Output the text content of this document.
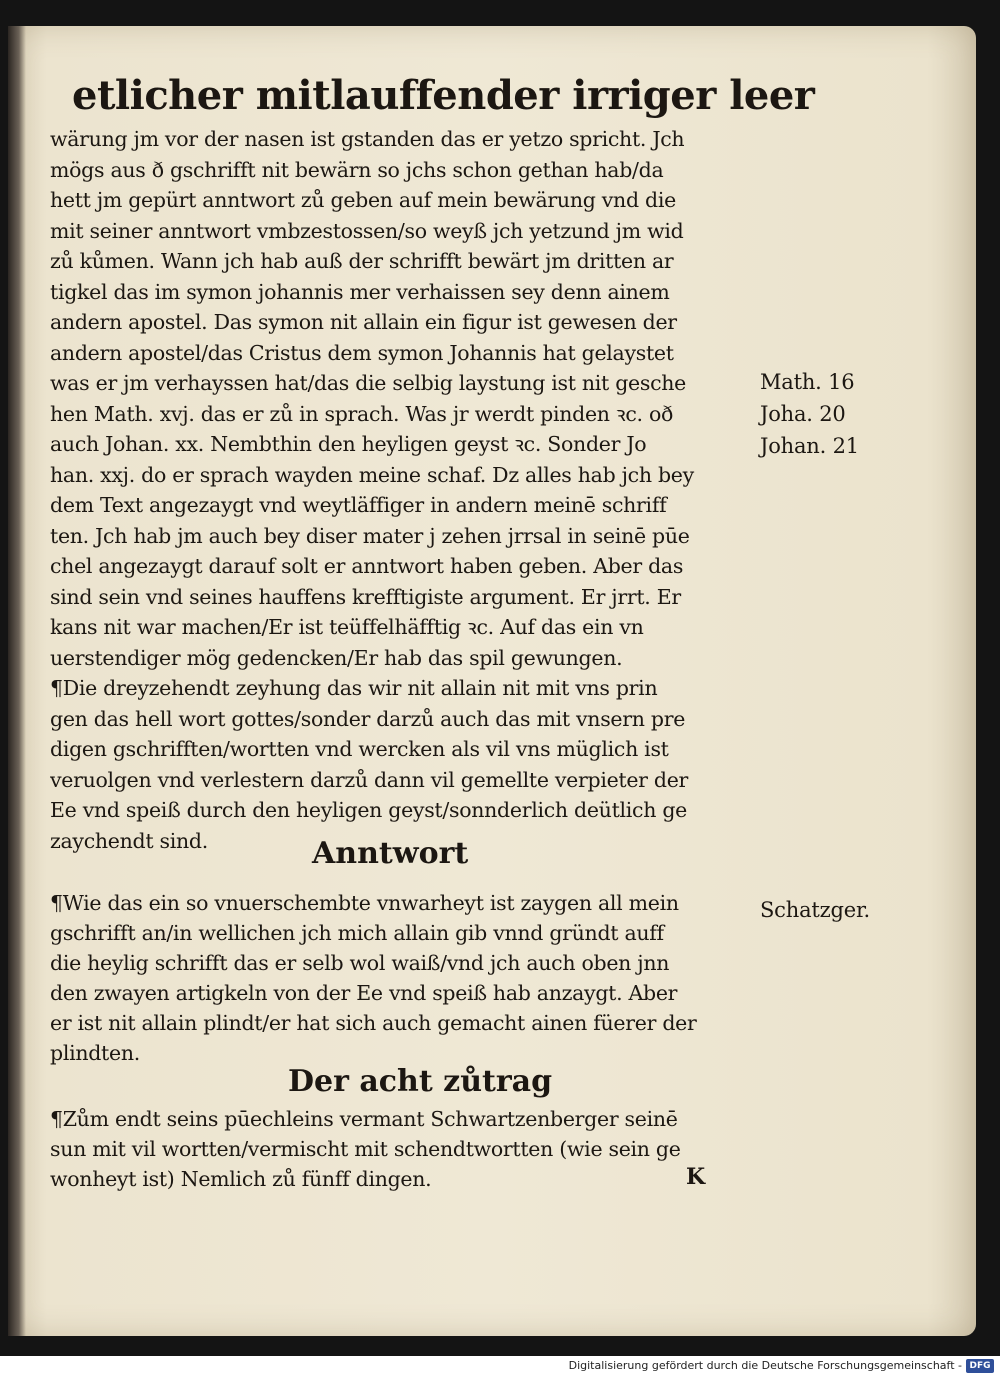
etlicher mitlauffender irriger leer
wärung jm vor der nasen ist gstanden das er yetzo spricht. Jch
mögs aus ð gschrifft nit bewärn so jchs schon gethan hab/da
hett jm gepürt anntwort zů geben auf mein bewärung vnd die
mit seiner anntwort vmbzestossen/so weyß jch yetzund jm wid
zů kůmen. Wann jch hab auß der schrifft bewärt jm dritten ar
tigkel das im symon johannis mer verhaissen sey denn ainem
andern apostel. Das symon nit allain ein figur ist gewesen der
andern apostel/das Cristus dem symon Johannis hat gelaystet
was er jm verhayssen hat/das die selbig laystung ist nit gesche
hen Math. xvj. das er zů in sprach. Was jr werdt pinden ꝛc. oð
auch Johan. xx. Nembthin den heyligen geyst ꝛc. Sonder Jo
han. xxj. do er sprach wayden meine schaf. Dz alles hab jch bey
dem Text angezaygt vnd weytläffiger in andern meinē schriff
ten. Jch hab jm auch bey diser mater j zehen jrrsal in seinē pūe
chel angezaygt darauf solt er anntwort haben geben. Aber das
sind sein vnd seines hauffens krefftigiste argument. Er jrrt. Er
kans nit war machen/Er ist teüffelhäfftig ꝛc. Auf das ein vn
uerstendiger mög gedencken/Er hab das spil gewungen.
¶Die dreyzehendt zeyhung das wir nit allain nit mit vns prin
gen das hell wort gottes/sonder darzů auch das mit vnsern pre
digen gschrifften/wortten vnd wercken als vil vns müglich ist
veruolgen vnd verlestern darzů dann vil gemellte verpieter der
Ee vnd speiß durch den heyligen geyst/sonnderlich deütlich ge
zaychendt sind.	Anntwort
¶Wie das ein so vnuerschembte vnwarheyt ist zaygen all mein
gschrifft an/in wellichen jch mich allain gib vnnd gründt auff
die heylig schrifft das er selb wol waiß/vnd jch auch oben jnn
den zwayen artigkeln von der Ee vnd speiß hab anzaygt. Aber
er ist nit allain plindt/er hat sich auch gemacht ainen füerer der
plindten.
Der acht zůtrag
¶Zům endt seins pūechleins vermant Schwartzenberger seinē
sun mit vil wortten/vermischt mit schendtwortten (wie sein ge
wonheyt ist) Nemlich zů fünff dingen.
Math. 16
Joha. 20
Johan. 21
Schatzger.
K
Digitalisierung gefördert durch die Deutsche Forschungsgemeinschaft - DFG
